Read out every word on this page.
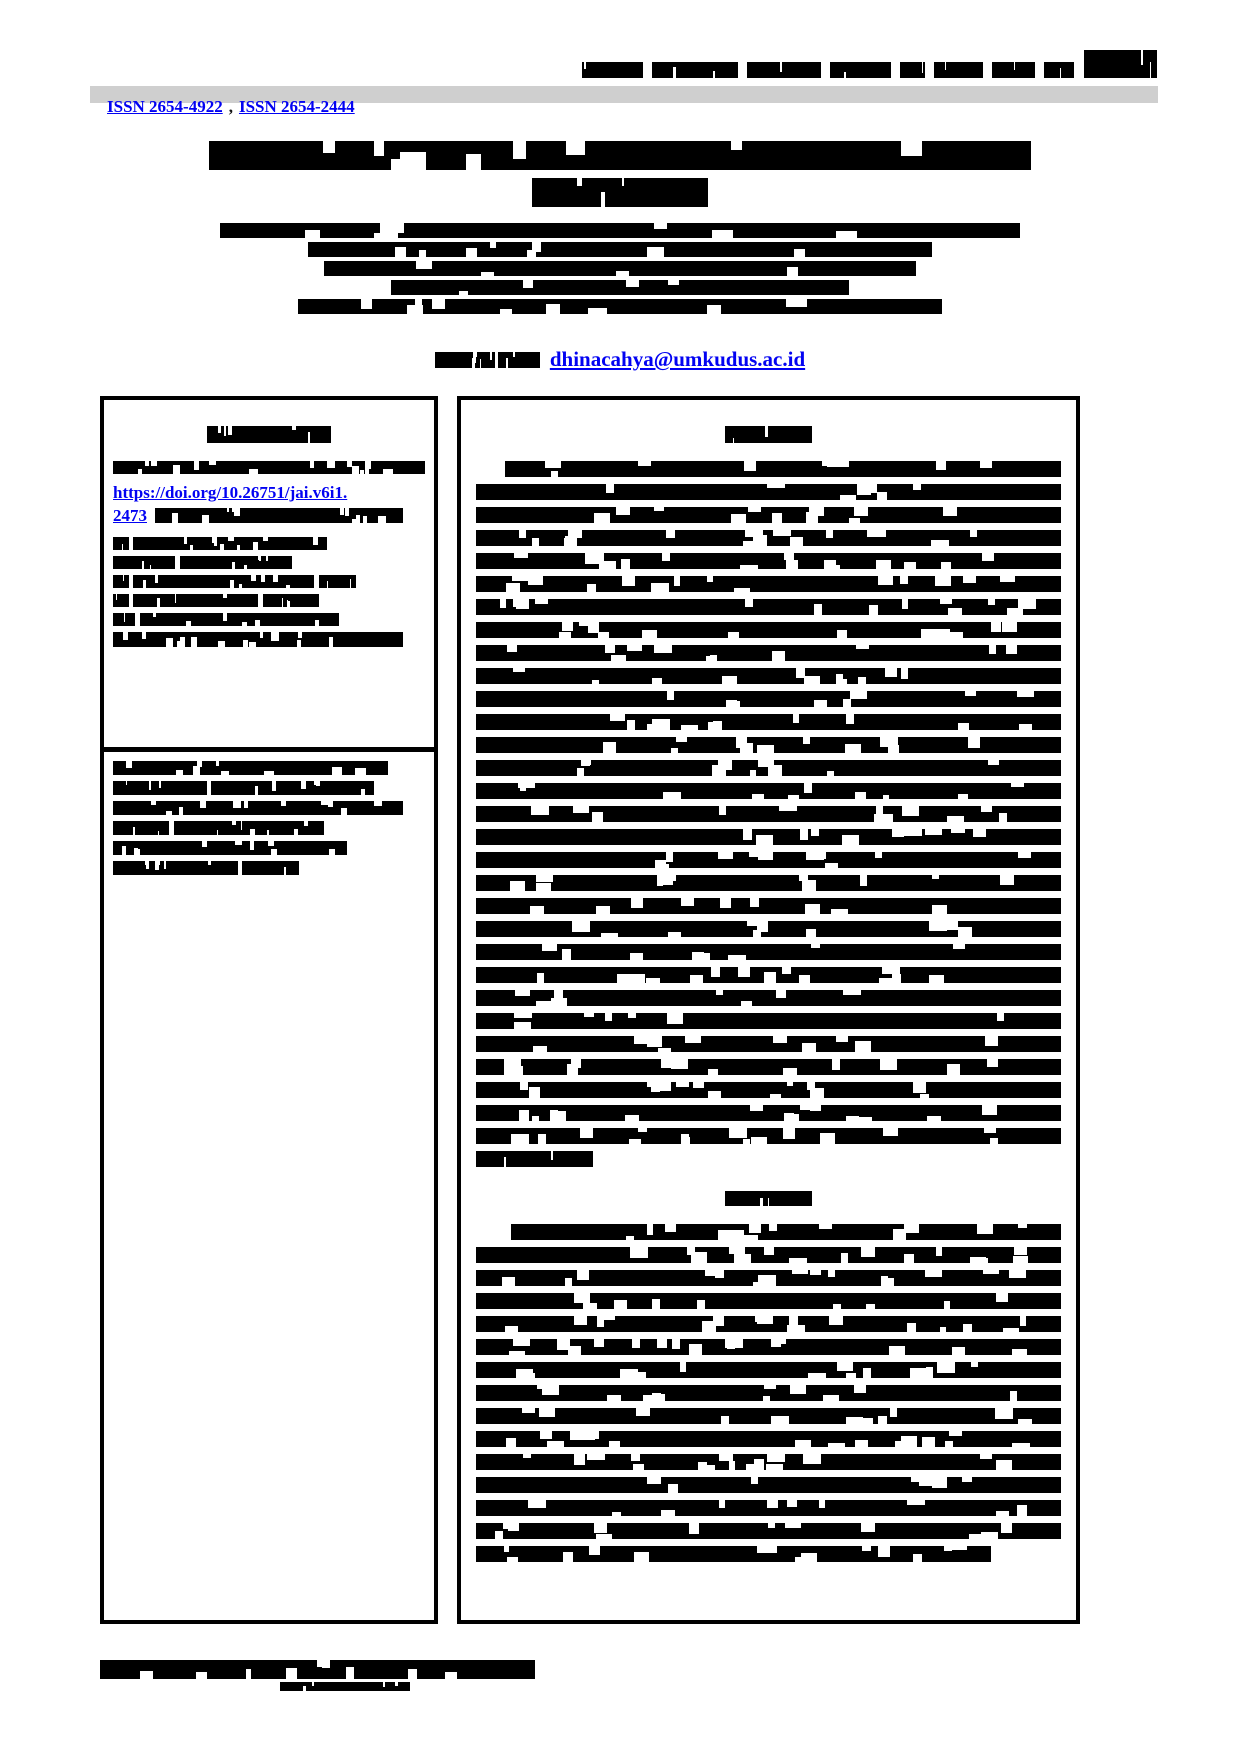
ISSN 2654-4922 , ISSN 2654-2444
dhinacahya@umkudus.ac.id
https://doi.org/10.26751/jai.v6i1.
2473
